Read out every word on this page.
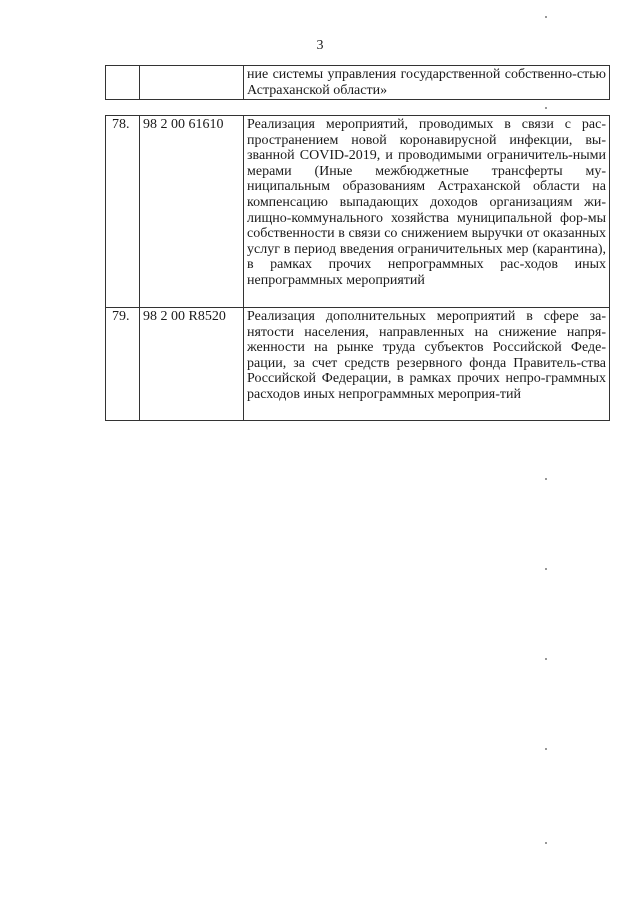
3
		ние системы управления государственной собственно-стью Астраханской области»
78.	98 2 00 61610	Реализация мероприятий, проводимых в связи с рас-пространением новой коронавирусной инфекции, вы-званной COVID-2019, и проводимыми ограничитель-ными мерами (Иные межбюджетные трансферты му-ниципальным образованиям Астраханской области на компенсацию выпадающих доходов организациям жи-лищно-коммунального хозяйства муниципальной фор-мы собственности в связи со снижением выручки от оказанных услуг в период введения ограничительных мер (карантина), в рамках прочих непрограммных рас-ходов иных непрограммных мероприятий
79.	98 2 00 R8520	Реализация дополнительных мероприятий в сфере за-нятости населения, направленных на снижение напря-женности на рынке труда субъектов Российской Феде-рации, за счет средств резервного фонда Правитель-ства Российской Федерации, в рамках прочих непро-граммных расходов иных непрограммных мероприя-тий
